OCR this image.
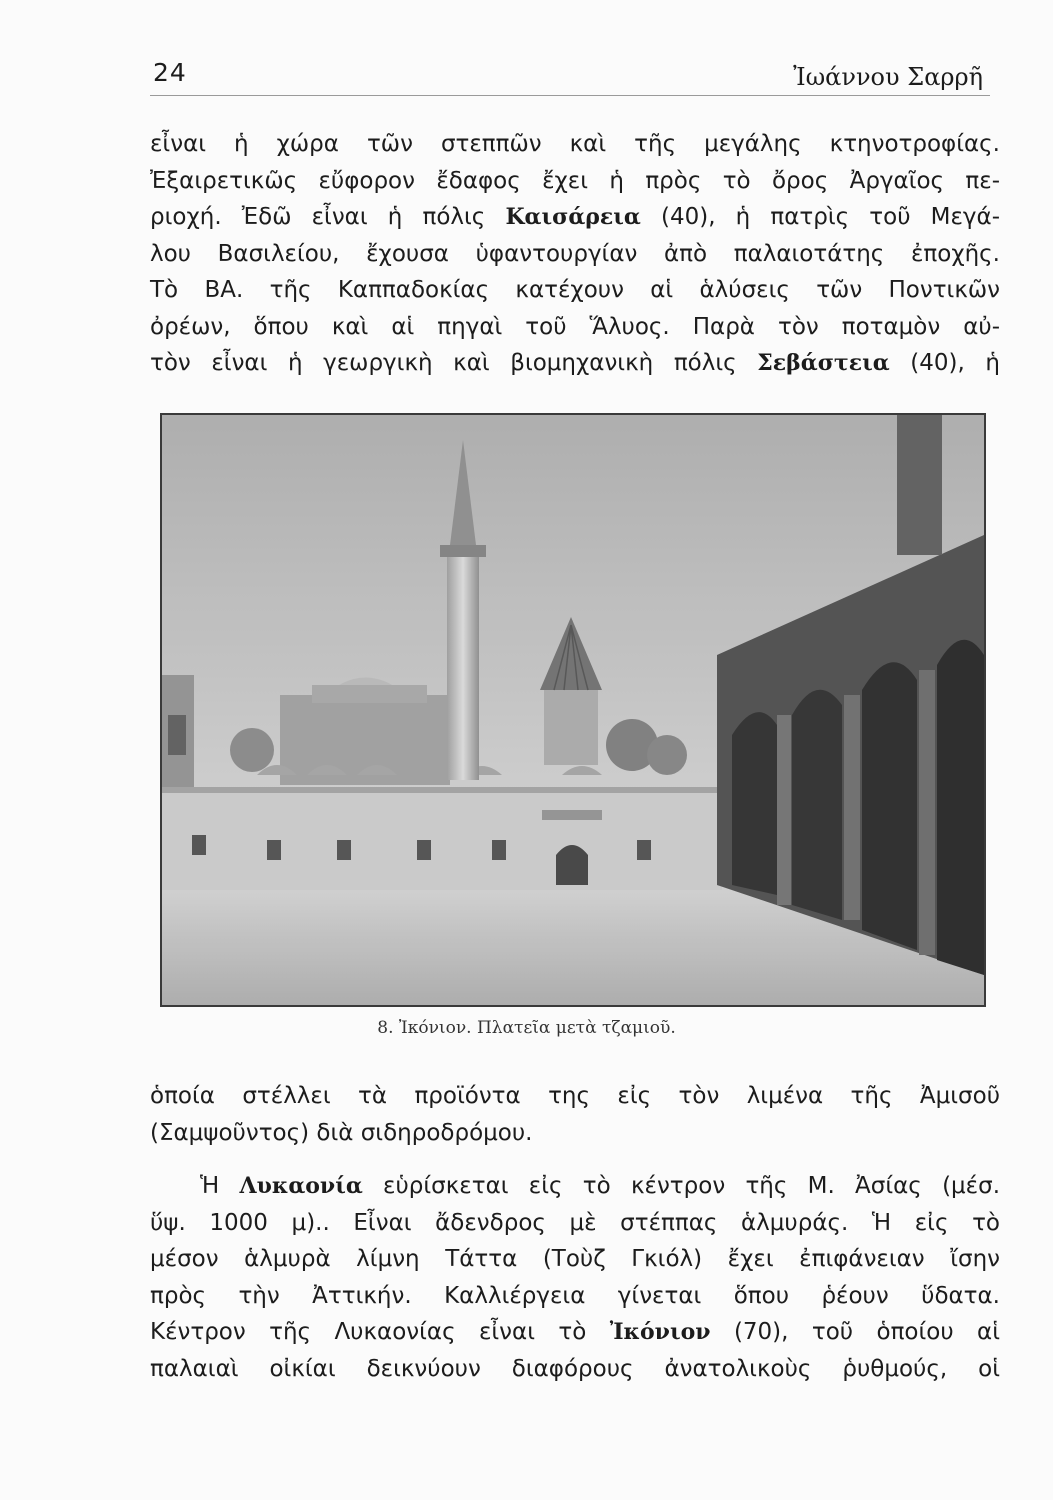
24	Ἰωάννου Σαρρῆ
εἶναι ἡ χώρα τῶν στεππῶν καὶ τῆς μεγάλης κτηνοτροφίας.
Ἐξαιρετικῶς εὔφορον ἔδαφος ἔχει ἡ πρὸς τὸ ὄρος Ἀργαῖος πε-
ριοχή. Ἐδῶ εἶναι ἡ πόλις Καισάρεια (40), ἡ πατρὶς τοῦ Μεγά-
λου Βασιλείου, ἔχουσα ὑφαντουργίαν ἀπὸ παλαιοτάτης ἐποχῆς.
Τὸ ΒΑ. τῆς Καππαδοκίας κατέχουν αἱ ἁλύσεις τῶν Ποντικῶν
ὀρέων, ὅπου καὶ αἱ πηγαὶ τοῦ Ἅλυος. Παρὰ τὸν ποταμὸν αὐ-
τὸν εἶναι ἡ γεωργικὴ καὶ βιομηχανικὴ πόλις Σεβάστεια (40), ἡ
8. Ἰκόνιον. Πλατεῖα μετὰ τζαμιοῦ.
ὁποία στέλλει τὰ προϊόντα της εἰς τὸν λιμένα τῆς Ἀμισοῦ
(Σαμψοῦντος) διὰ σιδηροδρόμου.
Ἡ Λυκαονία εὑρίσκεται εἰς τὸ κέντρον τῆς Μ. Ἀσίας (μέσ.
ὕψ. 1000 μ).. Εἶναι ἄδενδρος μὲ στέππας ἁλμυράς. Ἡ εἰς τὸ
μέσον ἁλμυρὰ λίμνη Τάττα (Τοὺζ Γκιόλ) ἔχει ἐπιφάνειαν ἴσην
πρὸς τὴν Ἀττικήν. Καλλιέργεια γίνεται ὅπου ῥέουν ὕδατα.
Κέντρον τῆς Λυκαονίας εἶναι τὸ Ἰκόνιον (70), τοῦ ὁποίου αἱ
παλαιαὶ οἰκίαι δεικνύουν διαφόρους ἀνατολικοὺς ῥυθμούς, οἱ
